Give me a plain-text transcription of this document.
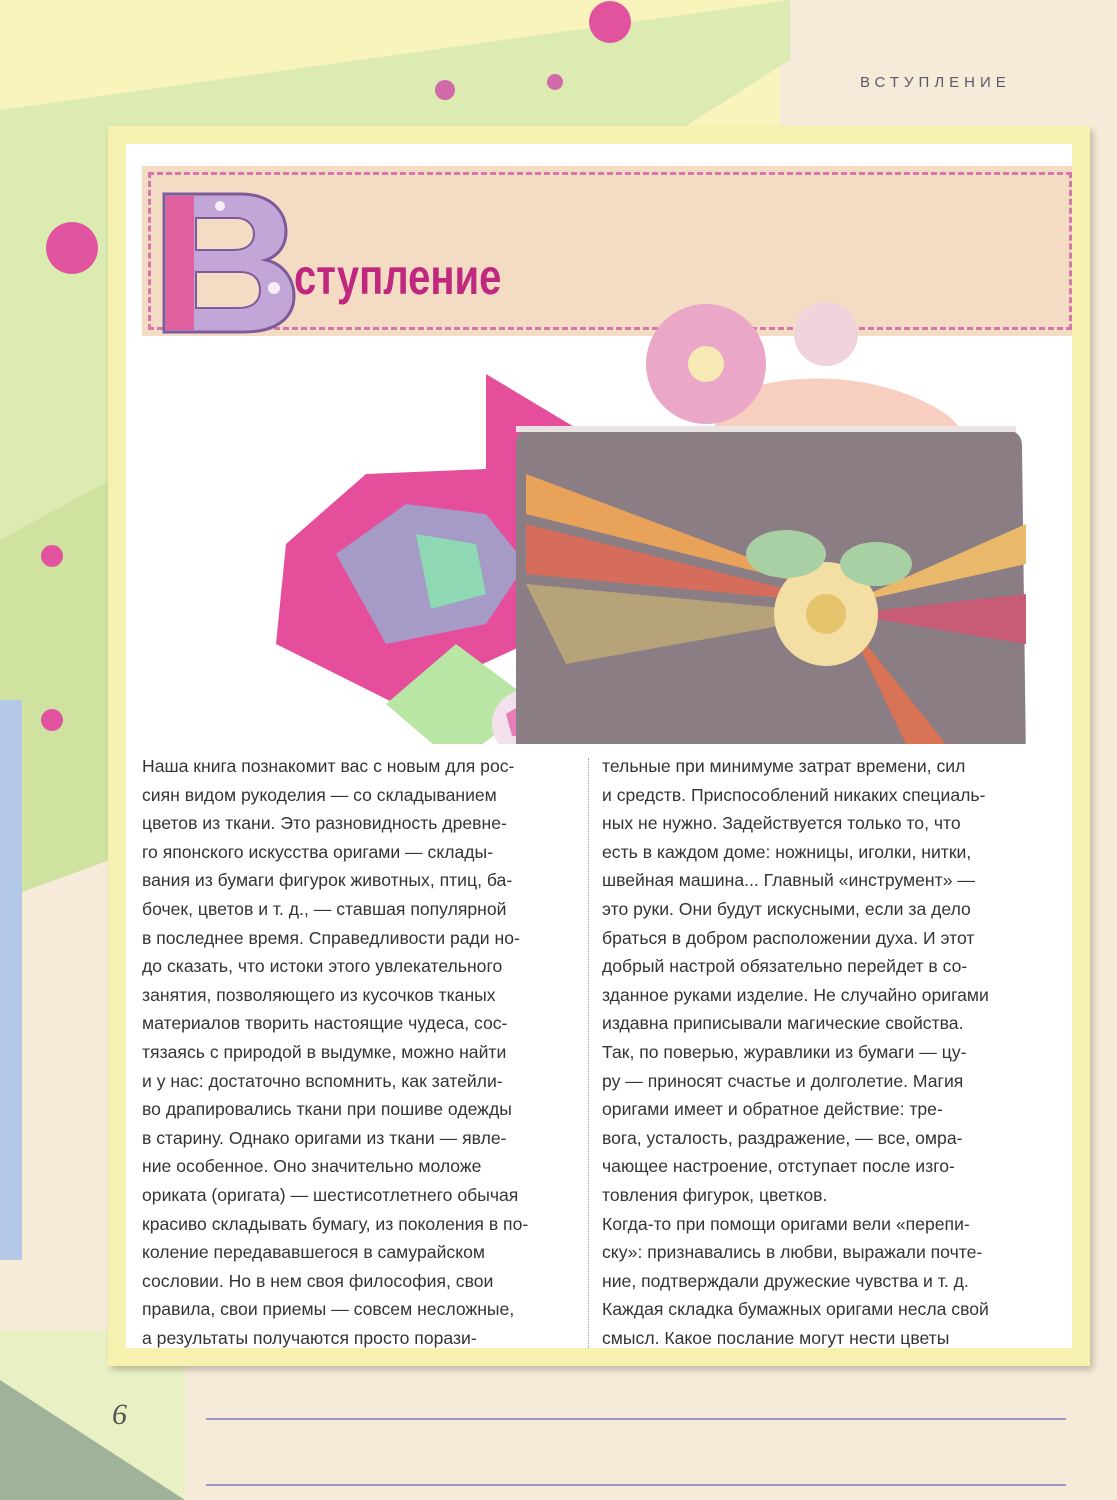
ВСТУПЛЕНИЕ
ступление

Наша книга познакомит вас с новым для рос-

сиян видом рукоделия — со складыванием

цветов из ткани. Это разновидность древне-

го японского искусства оригами — склады-

вания из бумаги фигурок животных, птиц, ба-

бочек, цветов и т. д., — ставшая популярной

в последнее время. Справедливости ради но-

до сказать, что истоки этого увлекательного

занятия, позволяющего из кусочков тканых

материалов творить настоящие чудеса, сос-

тязаясь с природой в выдумке, можно найти

и у нас: достаточно вспомнить, как затейли-

во драпировались ткани при пошиве одежды

в старину. Однако оригами из ткани — явле-

ние особенное. Оно значительно моложе

ориката (оригата) — шестисотлетнего обычая

красиво складывать бумагу, из поколения в по-

коление передававшегося в самурайском

сословии. Но в нем своя философия, свои

правила, свои приемы — совсем несложные,

а результаты получаются просто порази-

тельные при минимуме затрат времени, сил

и средств. Приспособлений никаких специаль-

ных не нужно. Задействуется только то, что

есть в каждом доме: ножницы, иголки, нитки,

швейная машина... Главный «инструмент» —

это руки. Они будут искусными, если за дело

браться в добром расположении духа. И этот

добрый настрой обязательно перейдет в со-

зданное руками изделие. Не случайно оригами

издавна приписывали магические свойства.

Так, по поверью, журавлики из бумаги — цу-

ру — приносят счастье и долголетие. Магия

оригами имеет и обратное действие: тре-

вога, усталость, раздражение, — все, омра-

чающее настроение, отступает после изго-

товления фигурок, цветков.

Когда-то при помощи оригами вели «перепи-

ску»: признавались в любви, выражали почте-

ние, подтверждали дружеские чувства и т. д.

Каждая складка бумажных оригами несла свой

смысл. Какое послание могут нести цветы

6
